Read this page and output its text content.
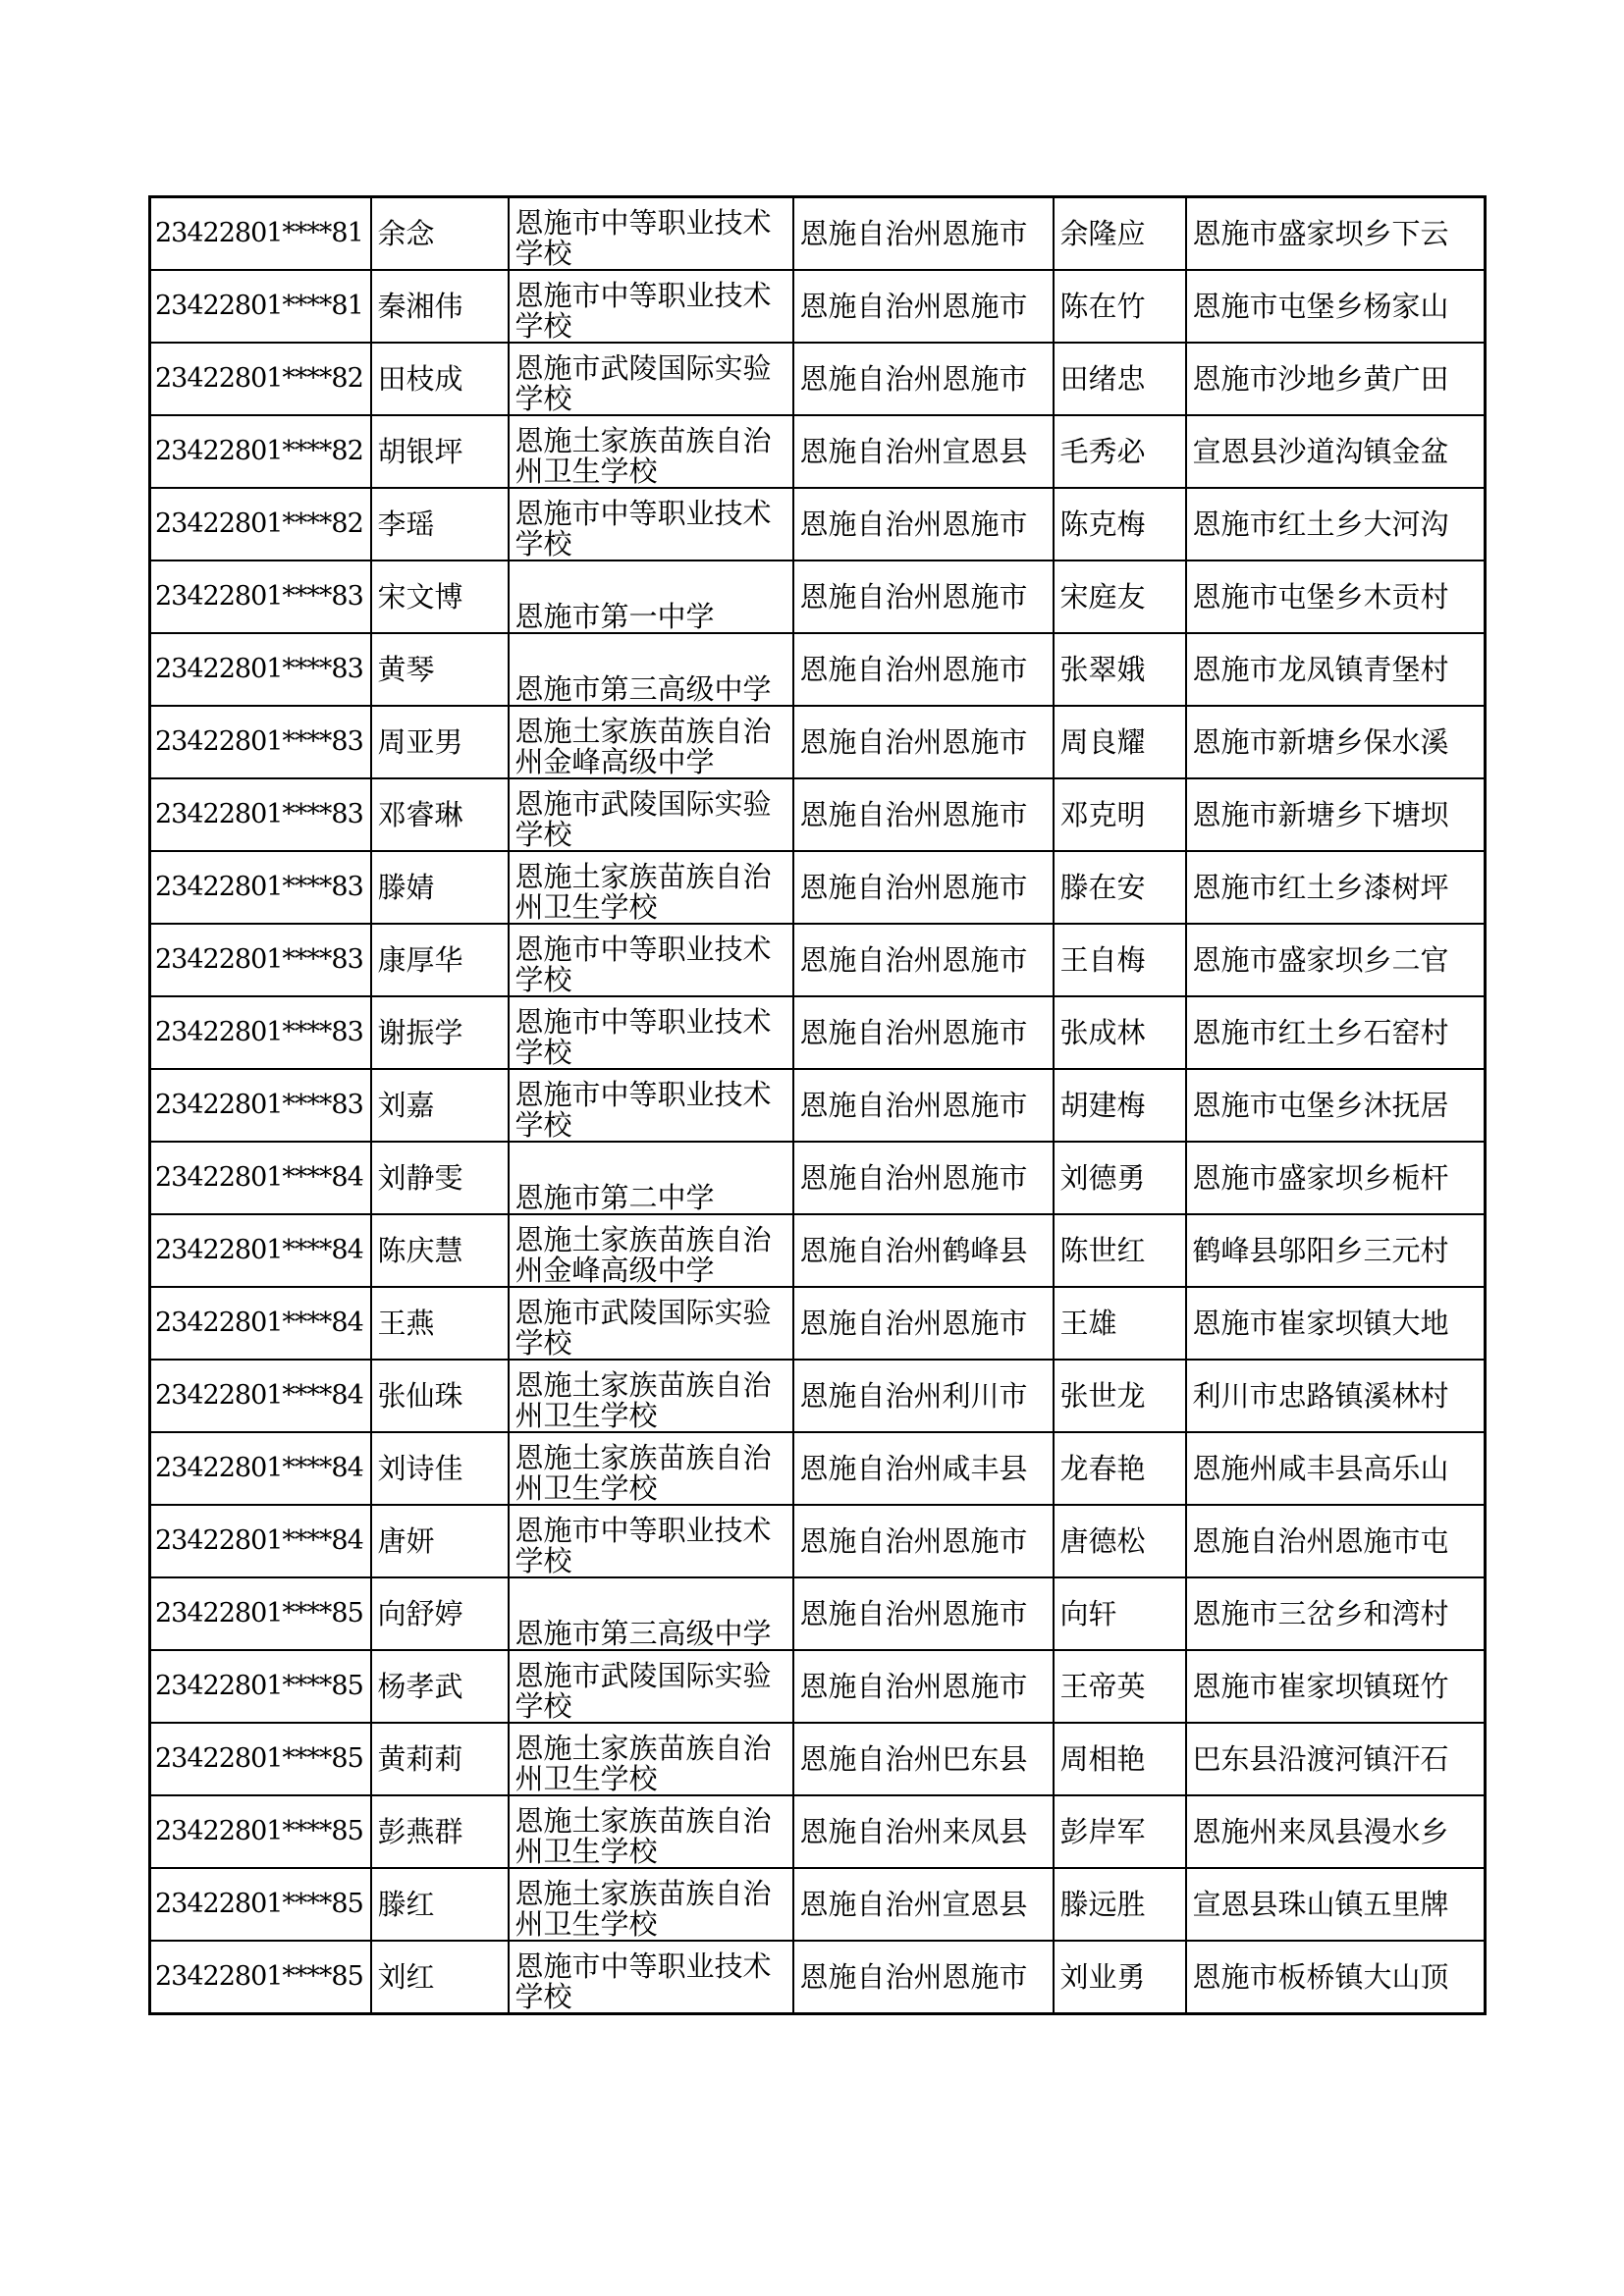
23422801****81	余念	恩施市中等职业技术学校	恩施自治州恩施市	余隆应	恩施市盛家坝乡下云
23422801****81	秦湘伟	恩施市中等职业技术学校	恩施自治州恩施市	陈在竹	恩施市屯堡乡杨家山
23422801****82	田枝成	恩施市武陵国际实验学校	恩施自治州恩施市	田绪忠	恩施市沙地乡黄广田
23422801****82	胡银坪	恩施土家族苗族自治州卫生学校	恩施自治州宣恩县	毛秀必	宣恩县沙道沟镇金盆
23422801****82	李瑶	恩施市中等职业技术学校	恩施自治州恩施市	陈克梅	恩施市红土乡大河沟
23422801****83	宋文博	恩施市第一中学	恩施自治州恩施市	宋庭友	恩施市屯堡乡木贡村
23422801****83	黄琴	恩施市第三高级中学	恩施自治州恩施市	张翠娥	恩施市龙凤镇青堡村
23422801****83	周亚男	恩施土家族苗族自治州金峰高级中学	恩施自治州恩施市	周良耀	恩施市新塘乡保水溪
23422801****83	邓睿琳	恩施市武陵国际实验学校	恩施自治州恩施市	邓克明	恩施市新塘乡下塘坝
23422801****83	滕婧	恩施土家族苗族自治州卫生学校	恩施自治州恩施市	滕在安	恩施市红土乡漆树坪
23422801****83	康厚华	恩施市中等职业技术学校	恩施自治州恩施市	王自梅	恩施市盛家坝乡二官
23422801****83	谢振学	恩施市中等职业技术学校	恩施自治州恩施市	张成林	恩施市红土乡石窑村
23422801****83	刘嘉	恩施市中等职业技术学校	恩施自治州恩施市	胡建梅	恩施市屯堡乡沐抚居
23422801****84	刘静雯	恩施市第二中学	恩施自治州恩施市	刘德勇	恩施市盛家坝乡栀杆
23422801****84	陈庆慧	恩施土家族苗族自治州金峰高级中学	恩施自治州鹤峰县	陈世红	鹤峰县邬阳乡三元村
23422801****84	王燕	恩施市武陵国际实验学校	恩施自治州恩施市	王雄	恩施市崔家坝镇大地
23422801****84	张仙珠	恩施土家族苗族自治州卫生学校	恩施自治州利川市	张世龙	利川市忠路镇溪林村
23422801****84	刘诗佳	恩施土家族苗族自治州卫生学校	恩施自治州咸丰县	龙春艳	恩施州咸丰县高乐山
23422801****84	唐妍	恩施市中等职业技术学校	恩施自治州恩施市	唐德松	恩施自治州恩施市屯
23422801****85	向舒婷	恩施市第三高级中学	恩施自治州恩施市	向轩	恩施市三岔乡和湾村
23422801****85	杨孝武	恩施市武陵国际实验学校	恩施自治州恩施市	王帝英	恩施市崔家坝镇斑竹
23422801****85	黄莉莉	恩施土家族苗族自治州卫生学校	恩施自治州巴东县	周相艳	巴东县沿渡河镇汗石
23422801****85	彭燕群	恩施土家族苗族自治州卫生学校	恩施自治州来凤县	彭岸军	恩施州来凤县漫水乡
23422801****85	滕红	恩施土家族苗族自治州卫生学校	恩施自治州宣恩县	滕远胜	宣恩县珠山镇五里牌
23422801****85	刘红	恩施市中等职业技术学校	恩施自治州恩施市	刘业勇	恩施市板桥镇大山顶
